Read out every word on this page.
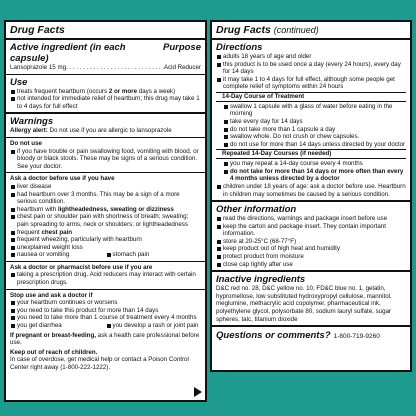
Drug Facts
Active ingredient (in each capsule)
Purpose
Lansoprazole 15 mg
. . .	Acid Reducer
Use
treats frequent heartburn (occurs 2 or more days a week)
not intended for immediate relief of heartburn; this drug may take 1 to 4 days for full effect
Warnings
Allergy alert: Do not use if you are allergic to lansoprazole
Do not use
if you have trouble or pain swallowing food, vomiting with blood, or bloody or black stools. These may be signs of a serious condition. See your doctor.
Ask a doctor before use if you have
liver disease
had heartburn over 3 months. This may be a sign of a more serious condition.
heartburn with lightheadedness, sweating or dizziness
chest pain or shoulder pain with shortness of breath; sweating; pain spreading to arms, neck or shoulders; or lightheadedness
frequent chest pain
frequent wheezing, particularly with heartburn
unexplained weight loss
nausea or vomiting	stomach pain
Ask a doctor or pharmacist before use if you are
taking a prescription drug. Acid reducers may interact with certain prescription drugs.
Stop use and ask a doctor if
your heartburn continues or worsens
you need to take this product for more than 14 days
you need to take more than 1 course of treatment every 4 months
you get diarrhea	you develop a rash or joint pain
If pregnant or breast-feeding, ask a health care professional before use.
Keep out of reach of children.
In case of overdose, get medical help or contact a Poison Control Center right away (1-800-222-1222).
Drug Facts (continued)
Directions
adults 18 years of age and older
this product is to be used once a day (every 24 hours), every day for 14 days
it may take 1 to 4 days for full effect, although some people get complete relief of symptoms within 24 hours
14-Day Course of Treatment
swallow 1 capsule with a glass of water before eating in the morning
take every day for 14 days
do not take more than 1 capsule a day
swallow whole. Do not crush or chew capsules.
do not use for more than 14 days unless directed by your doctor
Repeated 14-Day Courses (if needed)
you may repeat a 14-day course every 4 months
do not take for more than 14 days or more often than every 4 months unless directed by a doctor
children under 18 years of age: ask a doctor before use. Heartburn in children may sometimes be caused by a serious condition.
Other information
read the directions, warnings and package insert before use
keep the carton and package insert. They contain important information.
store at 20-25°C (68-77°F)
keep product out of high heat and humidity
protect product from moisture
close cap tightly after use
Inactive ingredients
D&C red no. 28, D&C yellow no. 10, FD&C blue no. 1, gelatin, hypromellose, low substituted hydroxypropyl cellulose, mannitol, meglumine, methacrylic acid copolymer, pharmaceutical ink, polyethylene glycol, polysorbate 80, sodium lauryl sulfate, sugar spheres, talc, titanium dioxide
Questions or comments? 1-800-719-9260
